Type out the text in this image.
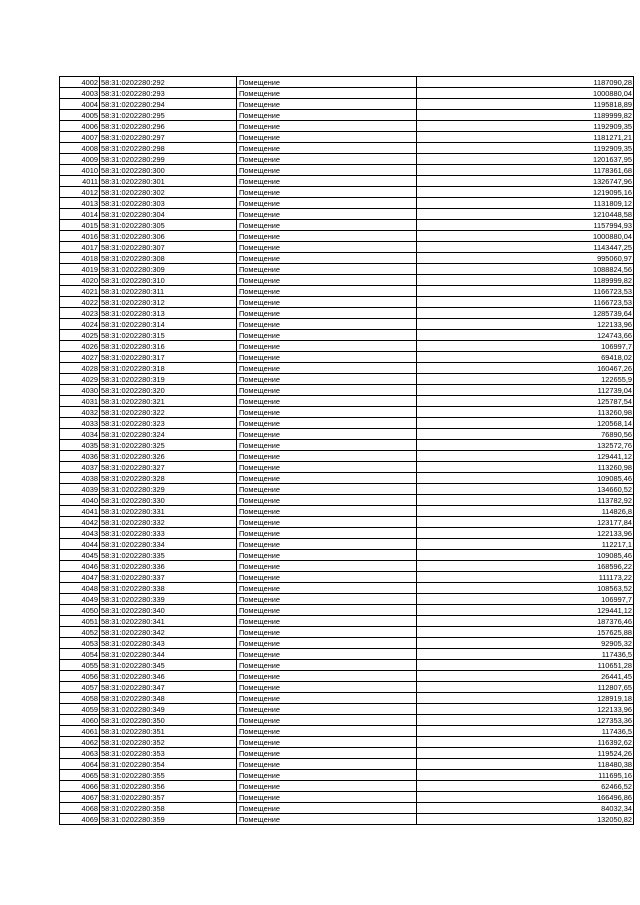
4002	58:31:0202280:292	Помещение	1187090,28
4003	58:31:0202280:293	Помещение	1000880,04
4004	58:31:0202280:294	Помещение	1195818,89
4005	58:31:0202280:295	Помещение	1189999,82
4006	58:31:0202280:296	Помещение	1192909,35
4007	58:31:0202280:297	Помещение	1181271,21
4008	58:31:0202280:298	Помещение	1192909,35
4009	58:31:0202280:299	Помещение	1201637,95
4010	58:31:0202280:300	Помещение	1178361,68
4011	58:31:0202280:301	Помещение	1326747,96
4012	58:31:0202280:302	Помещение	1219095,16
4013	58:31:0202280:303	Помещение	1131809,12
4014	58:31:0202280:304	Помещение	1210448,58
4015	58:31:0202280:305	Помещение	1157994,93
4016	58:31:0202280:306	Помещение	1000880,04
4017	58:31:0202280:307	Помещение	1143447,25
4018	58:31:0202280:308	Помещение	995060,97
4019	58:31:0202280:309	Помещение	1088824,56
4020	58:31:0202280:310	Помещение	1189999,82
4021	58:31:0202280:311	Помещение	1166723,53
4022	58:31:0202280:312	Помещение	1166723,53
4023	58:31:0202280:313	Помещение	1285739,64
4024	58:31:0202280:314	Помещение	122133,96
4025	58:31:0202280:315	Помещение	124743,66
4026	58:31:0202280:316	Помещение	106997,7
4027	58:31:0202280:317	Помещение	69418,02
4028	58:31:0202280:318	Помещение	160467,26
4029	58:31:0202280:319	Помещение	122655,9
4030	58:31:0202280:320	Помещение	112739,04
4031	58:31:0202280:321	Помещение	125787,54
4032	58:31:0202280:322	Помещение	113260,98
4033	58:31:0202280:323	Помещение	120568,14
4034	58:31:0202280:324	Помещение	76890,56
4035	58:31:0202280:325	Помещение	132572,76
4036	58:31:0202280:326	Помещение	129441,12
4037	58:31:0202280:327	Помещение	113260,98
4038	58:31:0202280:328	Помещение	109085,46
4039	58:31:0202280:329	Помещение	134660,52
4040	58:31:0202280:330	Помещение	113782,92
4041	58:31:0202280:331	Помещение	114826,8
4042	58:31:0202280:332	Помещение	123177,84
4043	58:31:0202280:333	Помещение	122133,96
4044	58:31:0202280:334	Помещение	112217,1
4045	58:31:0202280:335	Помещение	109085,46
4046	58:31:0202280:336	Помещение	168596,22
4047	58:31:0202280:337	Помещение	111173,22
4048	58:31:0202280:338	Помещение	108563,52
4049	58:31:0202280:339	Помещение	106997,7
4050	58:31:0202280:340	Помещение	129441,12
4051	58:31:0202280:341	Помещение	187376,46
4052	58:31:0202280:342	Помещение	157625,88
4053	58:31:0202280:343	Помещение	92905,32
4054	58:31:0202280:344	Помещение	117436,5
4055	58:31:0202280:345	Помещение	110651,28
4056	58:31:0202280:346	Помещение	26441,45
4057	58:31:0202280:347	Помещение	112807,65
4058	58:31:0202280:348	Помещение	128919,18
4059	58:31:0202280:349	Помещение	122133,96
4060	58:31:0202280:350	Помещение	127353,36
4061	58:31:0202280:351	Помещение	117436,5
4062	58:31:0202280:352	Помещение	116392,62
4063	58:31:0202280:353	Помещение	119524,26
4064	58:31:0202280:354	Помещение	118480,38
4065	58:31:0202280:355	Помещение	111695,16
4066	58:31:0202280:356	Помещение	62466,52
4067	58:31:0202280:357	Помещение	166496,86
4068	58:31:0202280:358	Помещение	84032,34
4069	58:31:0202280:359	Помещение	132050,82
